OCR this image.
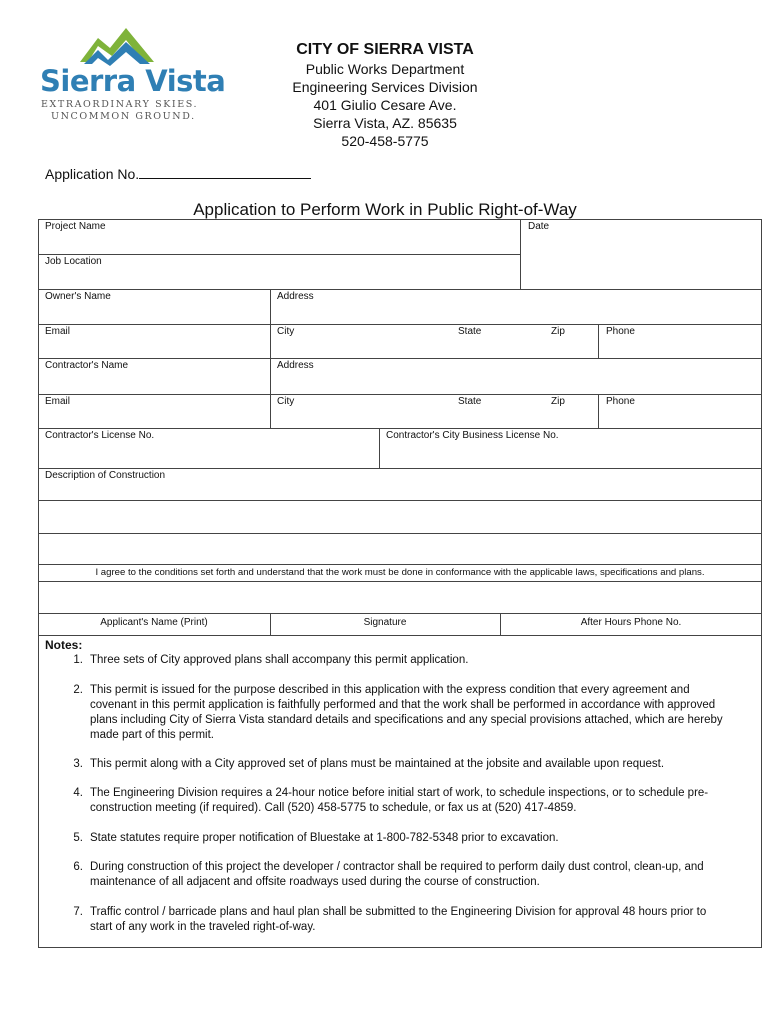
Sierra Vista
EXTRAORDINARY SKIES.
UNCOMMON GROUND.
CITY OF SIERRA VISTA
Public Works Department
Engineering Services Division
401 Giulio Cesare Ave.
Sierra Vista, AZ. 85635
520-458-5775
Application No.
Application to Perform Work in Public Right-of-Way
Project Name	Date
Job Location
Owner's Name	Address
Email	City	State	Zip	Phone
Contractor's Name	Address
Email	City	State	Zip	Phone
Contractor's License No.	Contractor's City Business License No.
Description of Construction
I agree to the conditions set forth and understand that the work must be done in conformance with the applicable laws, specifications and plans.
Applicant's Name (Print)	Signature	After Hours Phone No.
Notes:
1. Three sets of City approved plans shall accompany this permit application.
2. This permit is issued for the purpose described in this application with the express condition that every agreement and covenant in this permit application is faithfully performed and that the work shall be performed in accordance with approved plans including City of Sierra Vista standard details and specifications and any special provisions attached, which are hereby made part of this permit.
3. This permit along with a City approved set of plans must be maintained at the jobsite and available upon request.
4. The Engineering Division requires a 24-hour notice before initial start of work, to schedule inspections, or to schedule pre-construction meeting (if required). Call (520) 458-5775 to schedule, or fax us at (520) 417-4859.
5. State statutes require proper notification of Bluestake at 1-800-782-5348 prior to excavation.
6. During construction of this project the developer / contractor shall be required to perform daily dust control, clean-up, and maintenance of all adjacent and offsite roadways used during the course of construction.
7. Traffic control / barricade plans and haul plan shall be submitted to the Engineering Division for approval 48 hours prior to start of any work in the traveled right-of-way.
